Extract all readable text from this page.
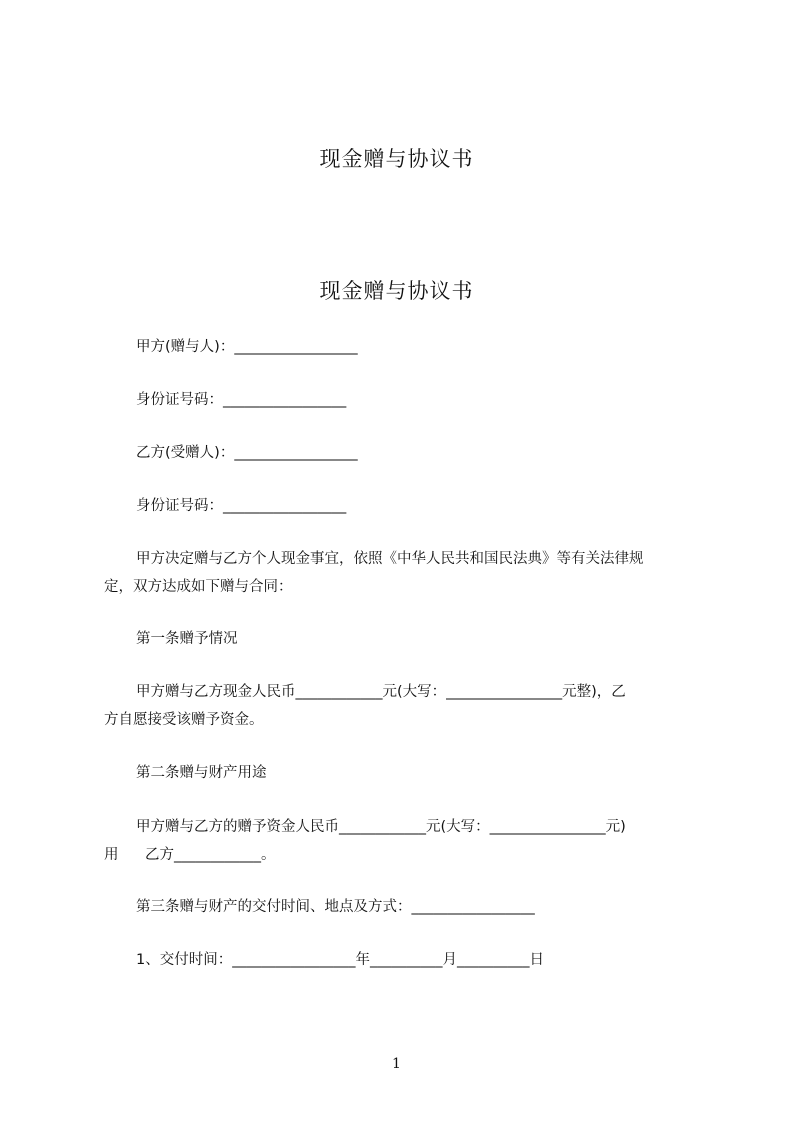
现金赠与协议书
现金赠与协议书
甲方(赠与人)：_________________
身份证号码：_________________
乙方(受赠人)：_________________
身份证号码：_________________
甲方决定赠与乙方个人现金事宜，依照《中华人民共和国民法典》等有关法律规
定，双方达成如下赠与合同：
第一条赠予情况
甲方赠与乙方现金人民币____________元(大写：________________元整)，乙
方自愿接受该赠予资金。
第二条赠与财产用途
甲方赠与乙方的赠予资金人民币____________元(大写：________________元)
用 乙方____________。
第三条赠与财产的交付时间、地点及方式：_________________
1、交付时间：_________________年__________月__________日
1
